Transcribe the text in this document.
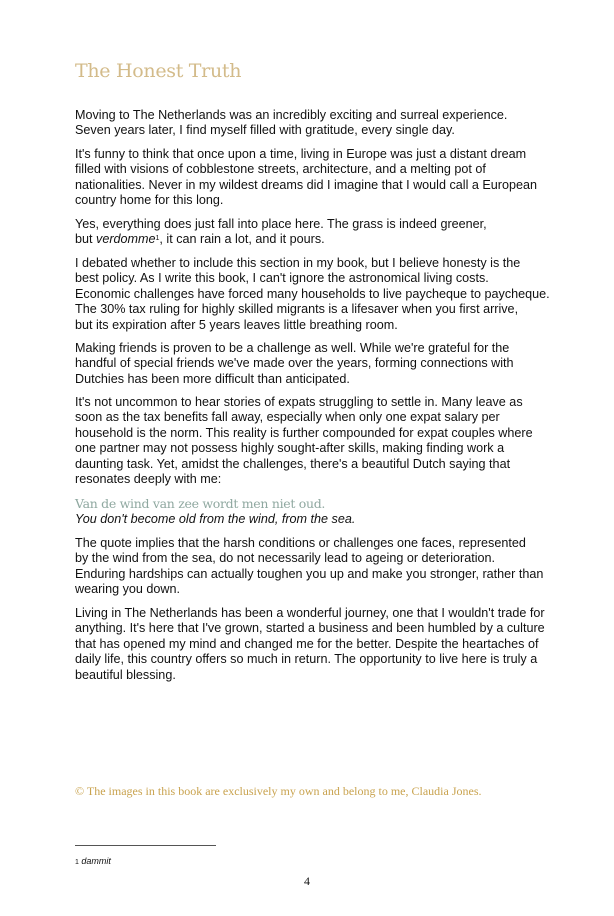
The Honest Truth
Moving to The Netherlands was an incredibly exciting and surreal experience.
Seven years later, I find myself filled with gratitude, every single day.
It's funny to think that once upon a time, living in Europe was just a distant dream
filled with visions of cobblestone streets, architecture, and a melting pot of
nationalities. Never in my wildest dreams did I imagine that I would call a European
country home for this long.
Yes, everything does just fall into place here. The grass is indeed greener,
but verdomme$^1$, it can rain a lot, and it pours.
I debated whether to include this section in my book, but I believe honesty is the
best policy. As I write this book, I can't ignore the astronomical living costs.
Economic challenges have forced many households to live paycheque to paycheque.
The 30% tax ruling for highly skilled migrants is a lifesaver when you first arrive,
but its expiration after 5 years leaves little breathing room.
Making friends is proven to be a challenge as well. While we're grateful for the
handful of special friends we've made over the years, forming connections with
Dutchies has been more difficult than anticipated.
It's not uncommon to hear stories of expats struggling to settle in. Many leave as
soon as the tax benefits fall away, especially when only one expat salary per
household is the norm. This reality is further compounded for expat couples where
one partner may not possess highly sought-after skills, making finding work a
daunting task. Yet, amidst the challenges, there's a beautiful Dutch saying that
resonates deeply with me:
Van de wind van zee wordt men niet oud.
You don't become old from the wind, from the sea.
The quote implies that the harsh conditions or challenges one faces, represented
by the wind from the sea, do not necessarily lead to ageing or deterioration.
Enduring hardships can actually toughen you up and make you stronger, rather than
wearing you down.
Living in The Netherlands has been a wonderful journey, one that I wouldn't trade for
anything. It's here that I've grown, started a business and been humbled by a culture
that has opened my mind and changed me for the better. Despite the heartaches of
daily life, this country offers so much in return. The opportunity to live here is truly a
beautiful blessing.
© The images in this book are exclusively my own and belong to me, Claudia Jones.
1 dammit
4
